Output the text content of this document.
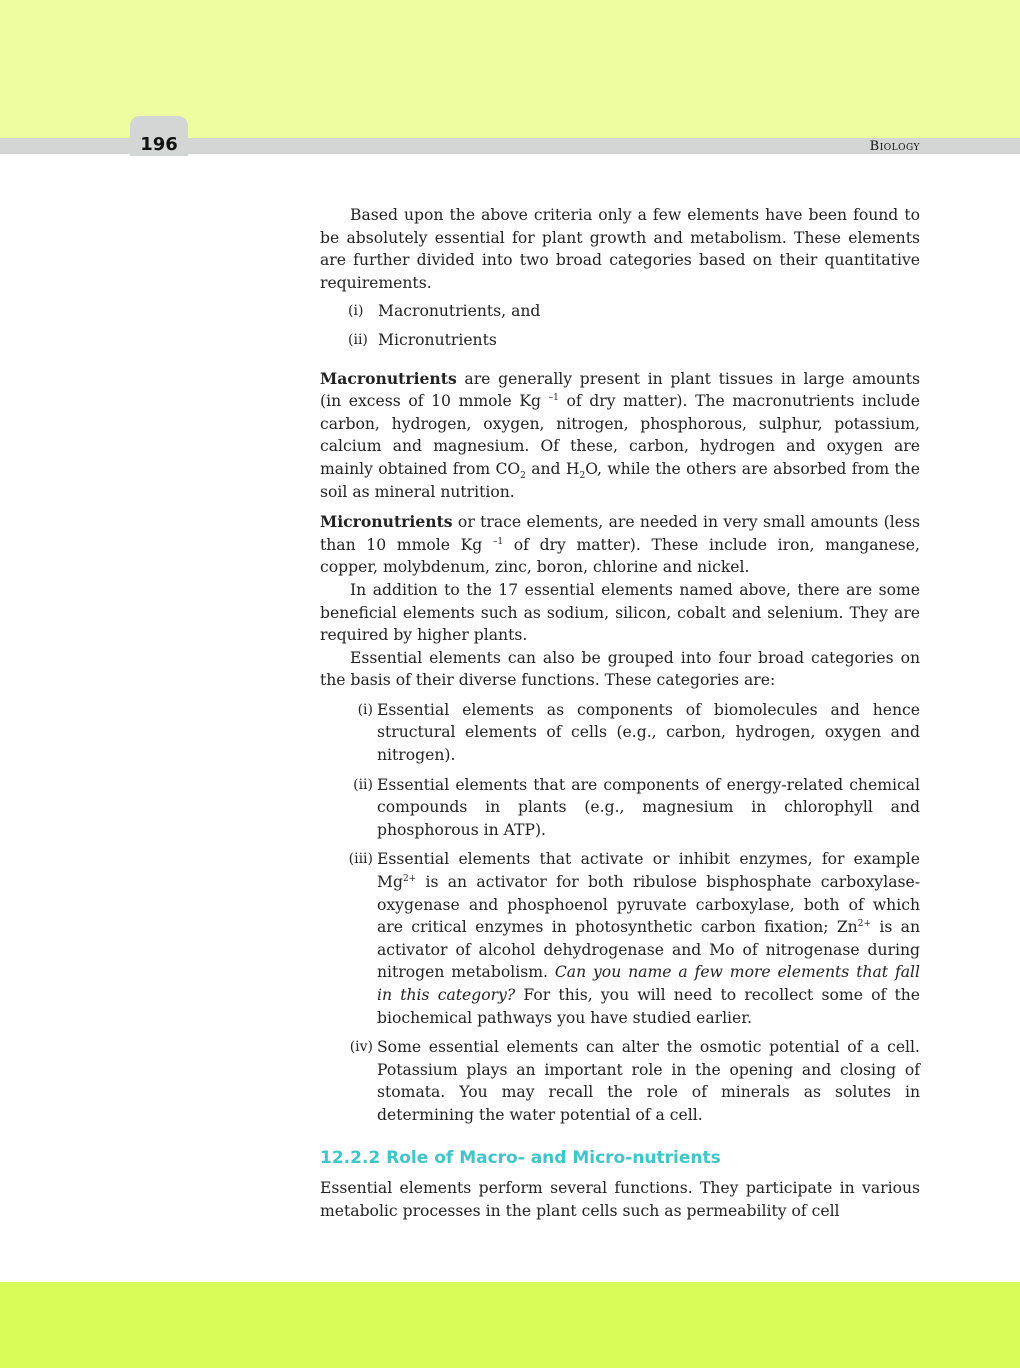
196	Biology

Based upon the above criteria only a few elements have been found to be absolutely essential for plant growth and metabolism. These elements are further divided into two broad categories based on their quantitative requirements.

(i) Macronutrients, and
(ii) Micronutrients

Macronutrients are generally present in plant tissues in large amounts (in excess of 10 mmole Kg $^{-1}$ of dry matter). The macronutrients include carbon, hydrogen, oxygen, nitrogen, phosphorous, sulphur, potassium, calcium and magnesium. Of these, carbon, hydrogen and oxygen are mainly obtained from $CO_2$ and $H_2O$, while the others are absorbed from the soil as mineral nutrition.

Micronutrients or trace elements, are needed in very small amounts (less than 10 mmole Kg $^{-1}$ of dry matter). These include iron, manganese, copper, molybdenum, zinc, boron, chlorine and nickel.

In addition to the 17 essential elements named above, there are some beneficial elements such as sodium, silicon, cobalt and selenium. They are required by higher plants.

Essential elements can also be grouped into four broad categories on the basis of their diverse functions. These categories are:

(i) Essential elements as components of biomolecules and hence structural elements of cells (e.g., carbon, hydrogen, oxygen and nitrogen).
(ii) Essential elements that are components of energy-related chemical compounds in plants (e.g., magnesium in chlorophyll and phosphorous in ATP).
(iii) Essential elements that activate or inhibit enzymes, for example $Mg^{2+}$ is an activator for both ribulose bisphosphate carboxylase-oxygenase and phosphoenol pyruvate carboxylase, both of which are critical enzymes in photosynthetic carbon fixation; $Zn^{2+}$ is an activator of alcohol dehydrogenase and Mo of nitrogenase during nitrogen metabolism. Can you name a few more elements that fall in this category? For this, you will need to recollect some of the biochemical pathways you have studied earlier.
(iv) Some essential elements can alter the osmotic potential of a cell. Potassium plays an important role in the opening and closing of stomata. You may recall the role of minerals as solutes in determining the water potential of a cell.
12.2.2 Role of Macro- and Micro-nutrients

Essential elements perform several functions. They participate in various metabolic processes in the plant cells such as permeability of cell
